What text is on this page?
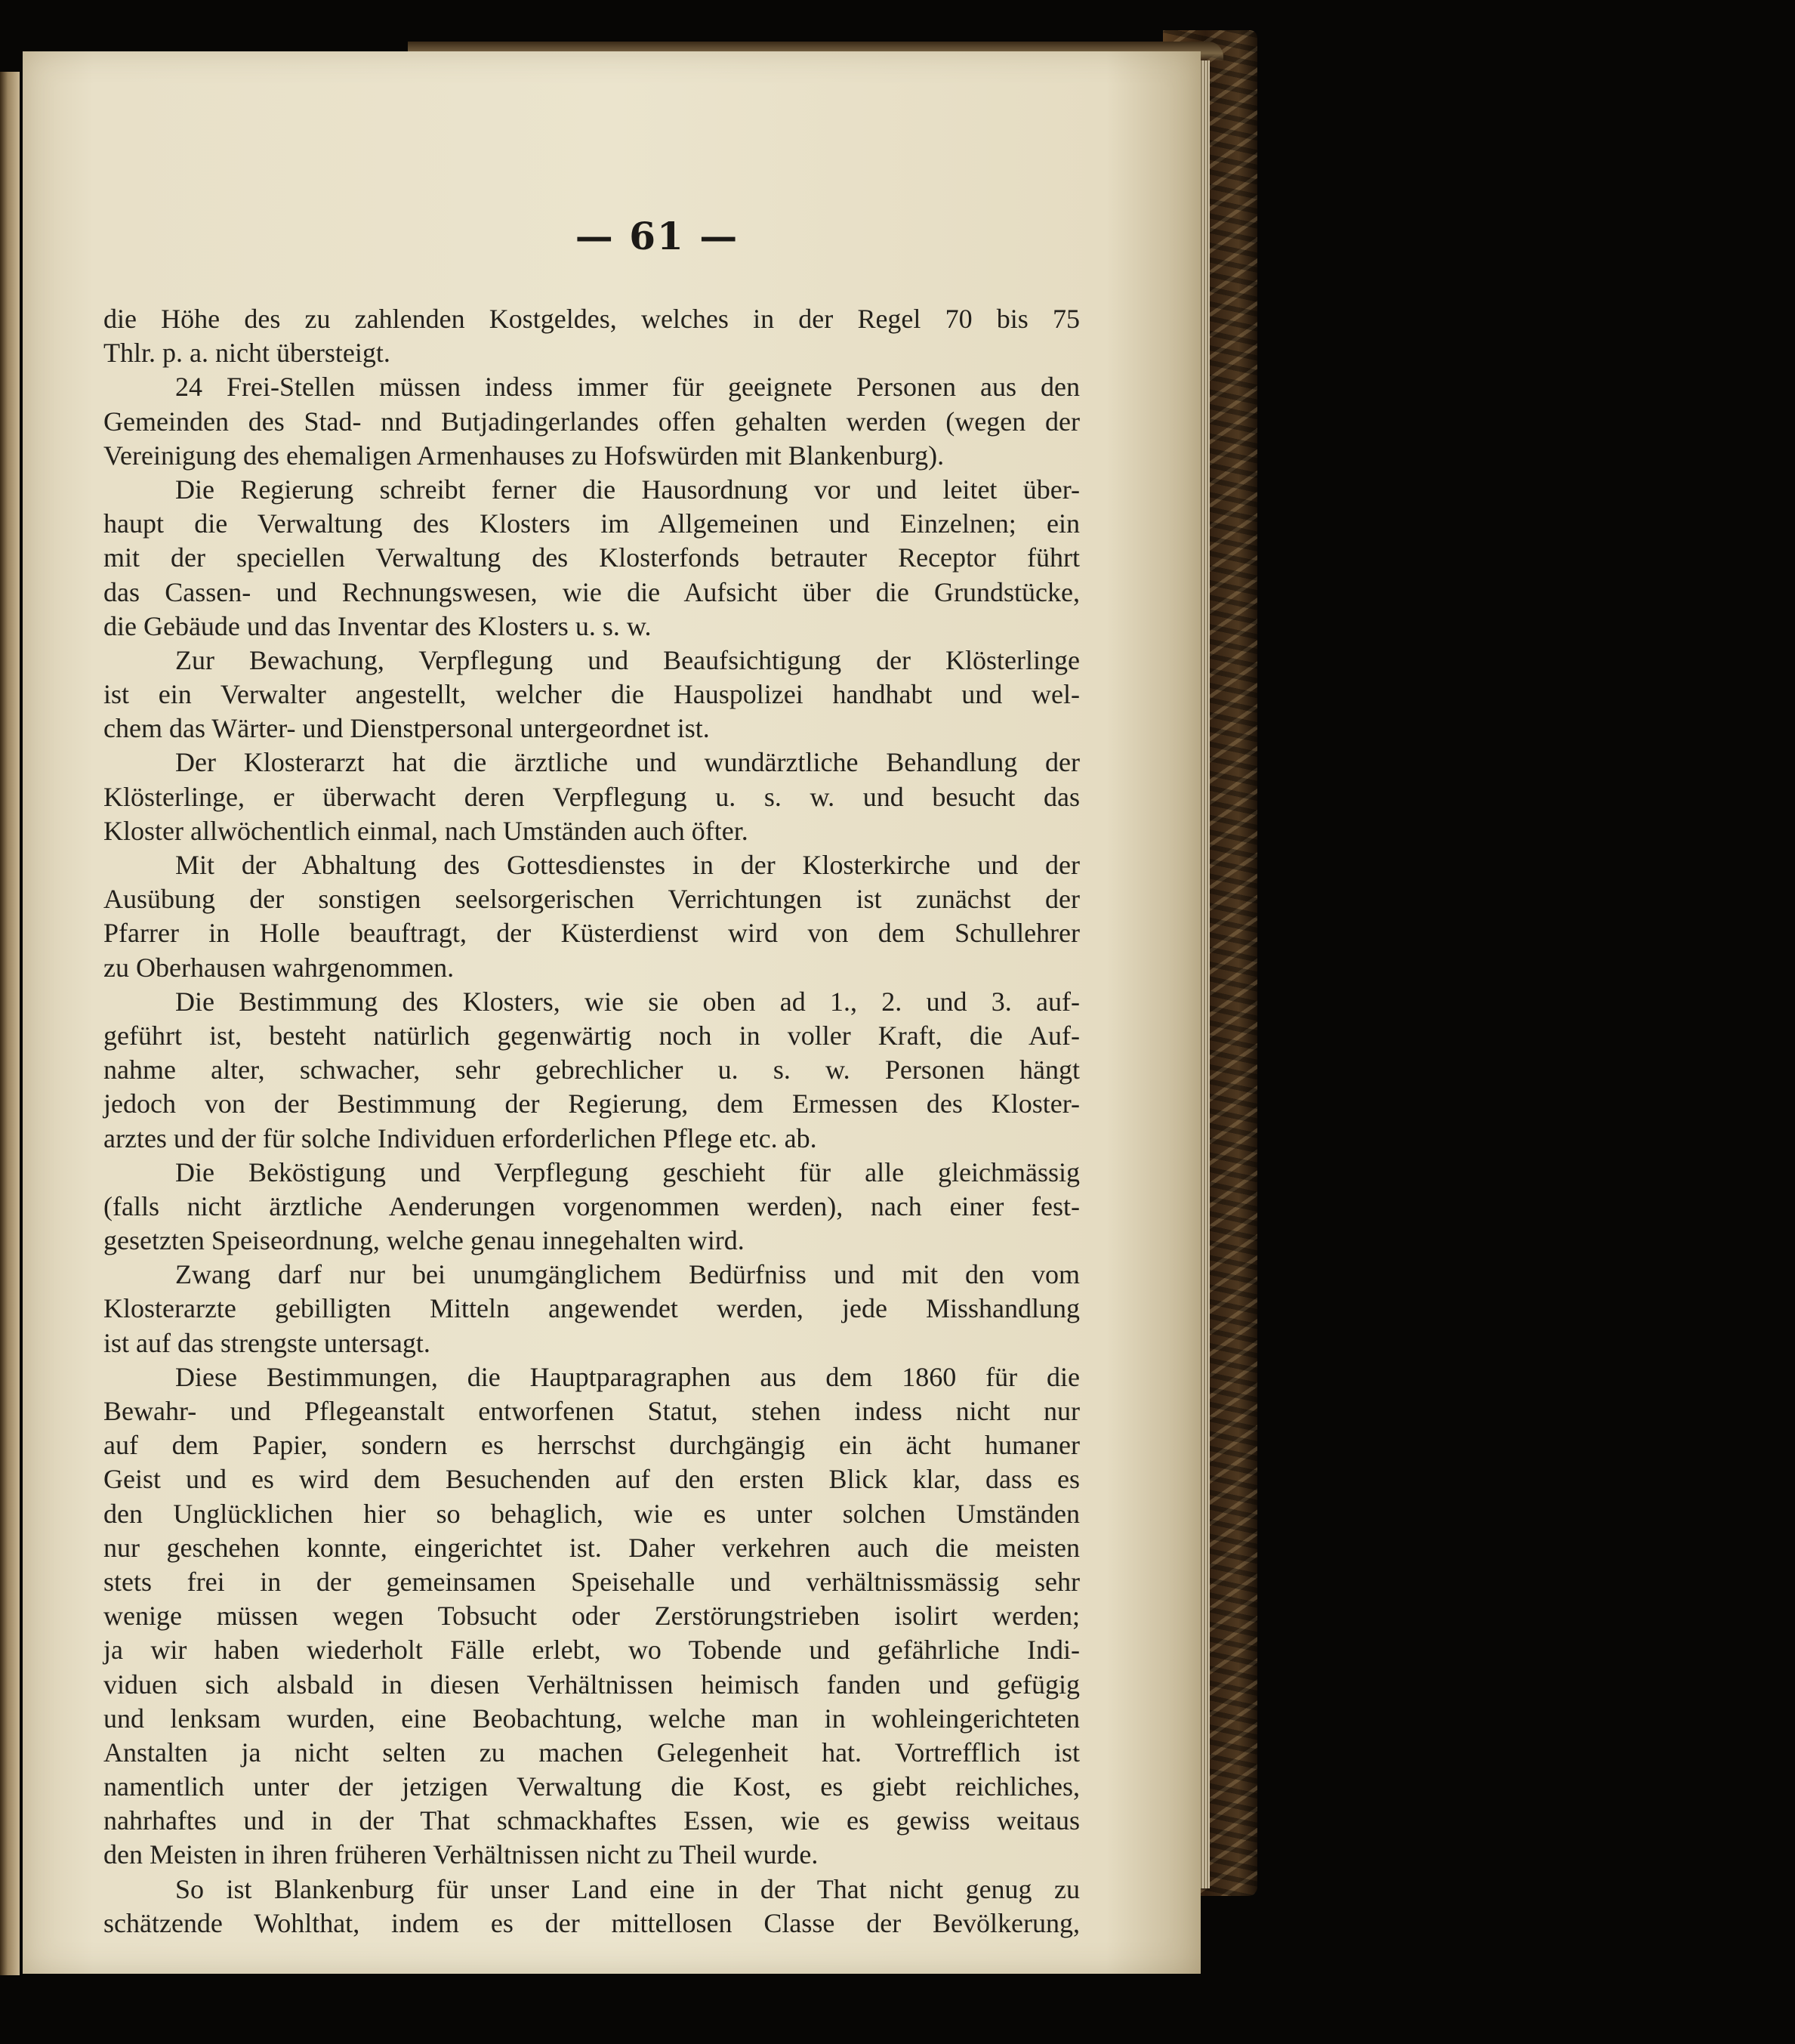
— 61 —
die Höhe des zu zahlenden Kostgeldes, welches in der Regel 70 bis 75
Thlr. p. a. nicht übersteigt.
24 Frei-Stellen müssen indess immer für geeignete Personen aus den
Gemeinden des Stad- nnd Butjadingerlandes offen gehalten werden (wegen der
Vereinigung des ehemaligen Armenhauses zu Hofswürden mit Blankenburg).
Die Regierung schreibt ferner die Hausordnung vor und leitet über-
haupt die Verwaltung des Klosters im Allgemeinen und Einzelnen; ein
mit der speciellen Verwaltung des Klosterfonds betrauter Receptor führt
das Cassen- und Rechnungswesen, wie die Aufsicht über die Grundstücke,
die Gebäude und das Inventar des Klosters u. s. w.
Zur Bewachung, Verpflegung und Beaufsichtigung der Klösterlinge
ist ein Verwalter angestellt, welcher die Hauspolizei handhabt und wel-
chem das Wärter- und Dienstpersonal untergeordnet ist.
Der Klosterarzt hat die ärztliche und wundärztliche Behandlung der
Klösterlinge, er überwacht deren Verpflegung u. s. w. und besucht das
Kloster allwöchentlich einmal, nach Umständen auch öfter.
Mit der Abhaltung des Gottesdienstes in der Klosterkirche und der
Ausübung der sonstigen seelsorgerischen Verrichtungen ist zunächst der
Pfarrer in Holle beauftragt, der Küsterdienst wird von dem Schullehrer
zu Oberhausen wahrgenommen.
Die Bestimmung des Klosters, wie sie oben ad 1., 2. und 3. auf-
geführt ist, besteht natürlich gegenwärtig noch in voller Kraft, die Auf-
nahme alter, schwacher, sehr gebrechlicher u. s. w. Personen hängt
jedoch von der Bestimmung der Regierung, dem Ermessen des Kloster-
arztes und der für solche Individuen erforderlichen Pflege etc. ab.
Die Beköstigung und Verpflegung geschieht für alle gleichmässig
(falls nicht ärztliche Aenderungen vorgenommen werden), nach einer fest-
gesetzten Speiseordnung, welche genau innegehalten wird.
Zwang darf nur bei unumgänglichem Bedürfniss und mit den vom
Klosterarzte gebilligten Mitteln angewendet werden, jede Misshandlung
ist auf das strengste untersagt.
Diese Bestimmungen, die Hauptparagraphen aus dem 1860 für die
Bewahr- und Pflegeanstalt entworfenen Statut, stehen indess nicht nur
auf dem Papier, sondern es herrschst durchgängig ein ächt humaner
Geist und es wird dem Besuchenden auf den ersten Blick klar, dass es
den Unglücklichen hier so behaglich, wie es unter solchen Umständen
nur geschehen konnte, eingerichtet ist. Daher verkehren auch die meisten
stets frei in der gemeinsamen Speisehalle und verhältnissmässig sehr
wenige müssen wegen Tobsucht oder Zerstörungstrieben isolirt werden;
ja wir haben wiederholt Fälle erlebt, wo Tobende und gefährliche Indi-
viduen sich alsbald in diesen Verhältnissen heimisch fanden und gefügig
und lenksam wurden, eine Beobachtung, welche man in wohleingerichteten
Anstalten ja nicht selten zu machen Gelegenheit hat. Vortrefflich ist
namentlich unter der jetzigen Verwaltung die Kost, es giebt reichliches,
nahrhaftes und in der That schmackhaftes Essen, wie es gewiss weitaus
den Meisten in ihren früheren Verhältnissen nicht zu Theil wurde.
So ist Blankenburg für unser Land eine in der That nicht genug zu
schätzende Wohlthat, indem es der mittellosen Classe der Bevölkerung,
